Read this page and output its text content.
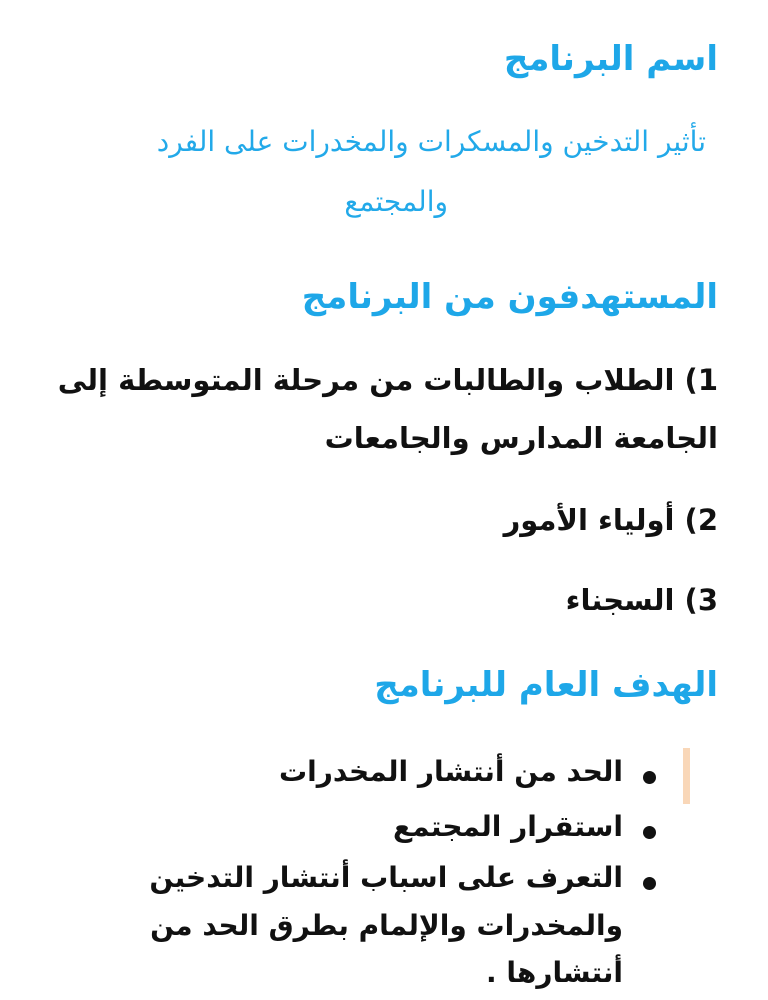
اسم البرنامج
تأثير التدخين والمسكرات والمخدرات على الفرد
والمجتمع
المستهدفون من البرنامج
1) الطلاب والطالبات من مرحلة المتوسطة إلى
الجامعة المدارس والجامعات
2) أولياء الأمور
3) السجناء
الهدف العام للبرنامج
الحد من أنتشار المخدرات
استقرار المجتمع
التعرف على اسباب أنتشار التدخين
والمخدرات والإلمام بطرق الحد من
أنتشارها .
